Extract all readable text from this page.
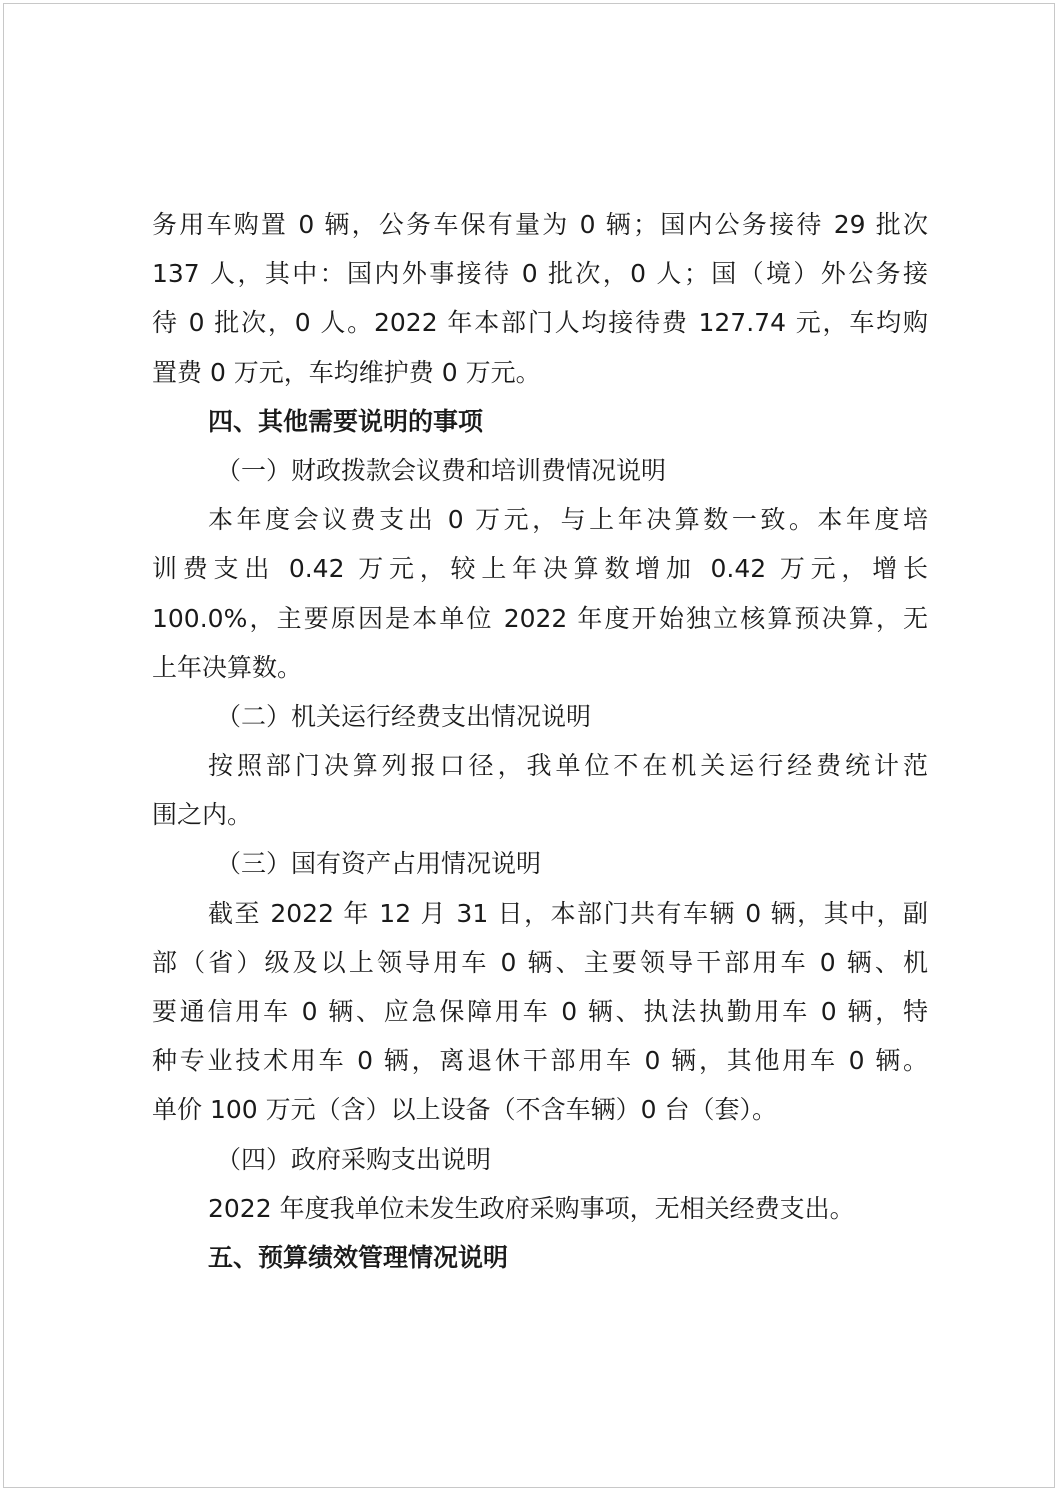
务用车购置 0 辆，公务车保有量为 0 辆；国内公务接待 29 批次
137 人，其中：国内外事接待 0 批次，0 人；国（境）外公务接
待 0 批次，0 人。2022 年本部门人均接待费 127.74 元，车均购
置费 0 万元，车均维护费 0 万元。
四、其他需要说明的事项
（一）财政拨款会议费和培训费情况说明
本年度会议费支出 0 万元，与上年决算数一致。本年度培
训费支出 0.42 万元，较上年决算数增加 0.42 万元，增长
100.0%，主要原因是本单位 2022 年度开始独立核算预决算，无
上年决算数。
（二）机关运行经费支出情况说明
按照部门决算列报口径，我单位不在机关运行经费统计范
围之内。
（三）国有资产占用情况说明
截至 2022 年 12 月 31 日，本部门共有车辆 0 辆，其中，副
部（省）级及以上领导用车 0 辆、主要领导干部用车 0 辆、机
要通信用车 0 辆、应急保障用车 0 辆、执法执勤用车 0 辆，特
种专业技术用车 0 辆，离退休干部用车 0 辆，其他用车 0 辆。
单价 100 万元（含）以上设备（不含车辆）0 台（套）。
（四）政府采购支出说明
2022 年度我单位未发生政府采购事项，无相关经费支出。
五、预算绩效管理情况说明
